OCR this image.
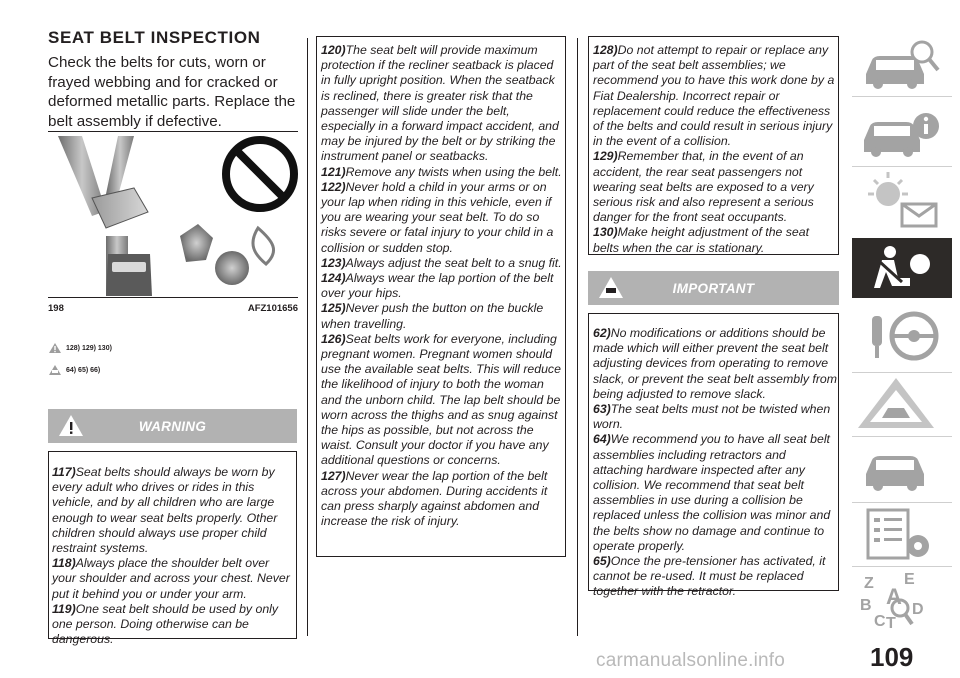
SEAT BELT INSPECTION
Check the belts for cuts, worn or frayed webbing and for cracked or deformed metallic parts. Replace the belt assembly if defective.
198	AFZ101656
128) 129) 130)
64) 65) 66)
WARNING

117)Seat belts should always be worn by every adult who drives or rides in this vehicle, and by all children who are large enough to wear seat belts properly. Other children should always use proper child restraint systems.

118)Always place the shoulder belt over your shoulder and across your chest. Never put it behind you or under your arm.

119)One seat belt should be used by only one person. Doing otherwise can be dangerous.

120)The seat belt will provide maximum protection if the recliner seatback is placed in fully upright position. When the seatback is reclined, there is greater risk that the passenger will slide under the belt, especially in a forward impact accident, and may be injured by the belt or by striking the instrument panel or seatbacks.

121)Remove any twists when using the belt.

122)Never hold a child in your arms or on your lap when riding in this vehicle, even if you are wearing your seat belt. To do so risks severe or fatal injury to your child in a collision or sudden stop.

123)Always adjust the seat belt to a snug fit.

124)Always wear the lap portion of the belt over your hips.

125)Never push the button on the buckle when travelling.

126)Seat belts work for everyone, including pregnant women. Pregnant women should use the available seat belts. This will reduce the likelihood of injury to both the woman and the unborn child. The lap belt should be worn across the thighs and as snug against the hips as possible, but not across the waist. Consult your doctor if you have any additional questions or concerns.

127)Never wear the lap portion of the belt across your abdomen. During accidents it can press sharply against abdomen and increase the risk of injury.

128)Do not attempt to repair or replace any part of the seat belt assemblies; we recommend you to have this work done by a Fiat Dealership. Incorrect repair or replacement could reduce the effectiveness of the belts and could result in serious injury in the event of a collision.

129)Remember that, in the event of an accident, the rear seat passengers not wearing seat belts are exposed to a very serious risk and also represent a serious danger for the front seat occupants.

130)Make height adjustment of the seat belts when the car is stationary.

IMPORTANT

62)No modifications or additions should be made which will either prevent the seat belt adjusting devices from operating to remove slack, or prevent the seat belt assembly from being adjusted to remove slack.

63)The seat belts must not be twisted when worn.

64)We recommend you to have all seat belt assemblies including retractors and attaching hardware inspected after any collision. We recommend that seat belt assemblies in use during a collision be replaced unless the collision was minor and the belts show no damage and continue to operate properly.

65)Once the pre-tensioner has activated, it cannot be re-used. It must be replaced together with the retractor.	Z E
B A
C T
D
109
carmanualsonline.info
